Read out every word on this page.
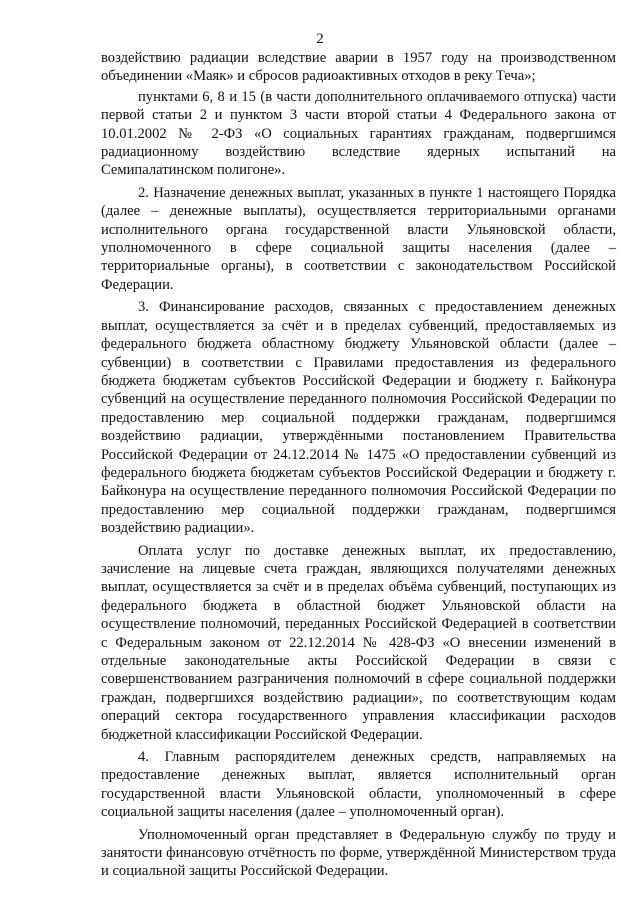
2

воздействию радиации вследствие аварии в 1957 году на производственном объединении «Маяк» и сбросов радиоактивных отходов в реку Теча»;

пунктами 6, 8 и 15 (в части дополнительного оплачиваемого отпуска) части первой статьи 2 и пунктом 3 части второй статьи 4 Федерального закона от 10.01.2002 № 2-ФЗ «О социальных гарантиях гражданам, подвергшимся радиационному воздействию вследствие ядерных испытаний на Семипалатинском полигоне».

2. Назначение денежных выплат, указанных в пункте 1 настоящего Порядка (далее – денежные выплаты), осуществляется территориальными органами исполнительного органа государственной власти Ульяновской области, уполномоченного в сфере социальной защиты населения (далее – территориальные органы), в соответствии с законодательством Российской Федерации.

3. Финансирование расходов, связанных с предоставлением денежных выплат, осуществляется за счёт и в пределах субвенций, предоставляемых из федерального бюджета областному бюджету Ульяновской области (далее – субвенции) в соответствии с Правилами предоставления из федерального бюджета бюджетам субъектов Российской Федерации и бюджету г. Байконура субвенций на осуществление переданного полномочия Российской Федерации по предоставлению мер социальной поддержки гражданам, подвергшимся воздействию радиации, утверждёнными постановлением Правительства Российской Федерации от 24.12.2014 № 1475 «О предоставлении субвенций из федерального бюджета бюджетам субъектов Российской Федерации и бюджету г. Байконура на осуществление переданного полномочия Российской Федерации по предоставлению мер социальной поддержки гражданам, подвергшимся воздействию радиации».

Оплата услуг по доставке денежных выплат, их предоставлению, зачисление на лицевые счета граждан, являющихся получателями денежных выплат, осуществляется за счёт и в пределах объёма субвенций, поступающих из федерального бюджета в областной бюджет Ульяновской области на осуществление полномочий, переданных Российской Федерацией в соответствии с Федеральным законом от 22.12.2014 № 428-ФЗ «О внесении изменений в отдельные законодательные акты Российской Федерации в связи с совершенствованием разграничения полномочий в сфере социальной поддержки граждан, подвергшихся воздействию радиации», по соответствующим кодам операций сектора государственного управления классификации расходов бюджетной классификации Российской Федерации.

4. Главным распорядителем денежных средств, направляемых на предоставление денежных выплат, является исполнительный орган государственной власти Ульяновской области, уполномоченный в сфере социальной защиты населения (далее – уполномоченный орган).

Уполномоченный орган представляет в Федеральную службу по труду и занятости финансовую отчётность по форме, утверждённой Министерством труда и социальной защиты Российской Федерации.
